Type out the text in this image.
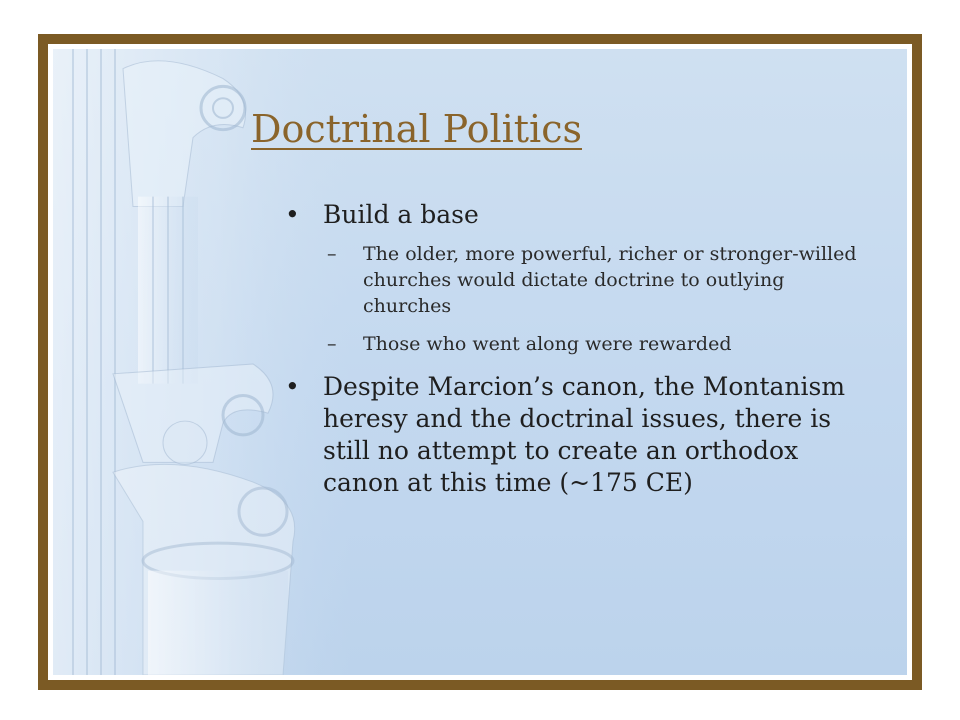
Doctrinal Politics
• Build a base
– The older, more powerful, richer or stronger-willed churches would dictate doctrine to outlying churches
– Those who went along were rewarded
• Despite Marcion’s canon, the Montanism heresy and the doctrinal issues, there is still no attempt to create an orthodox canon at this time (~175 CE)
